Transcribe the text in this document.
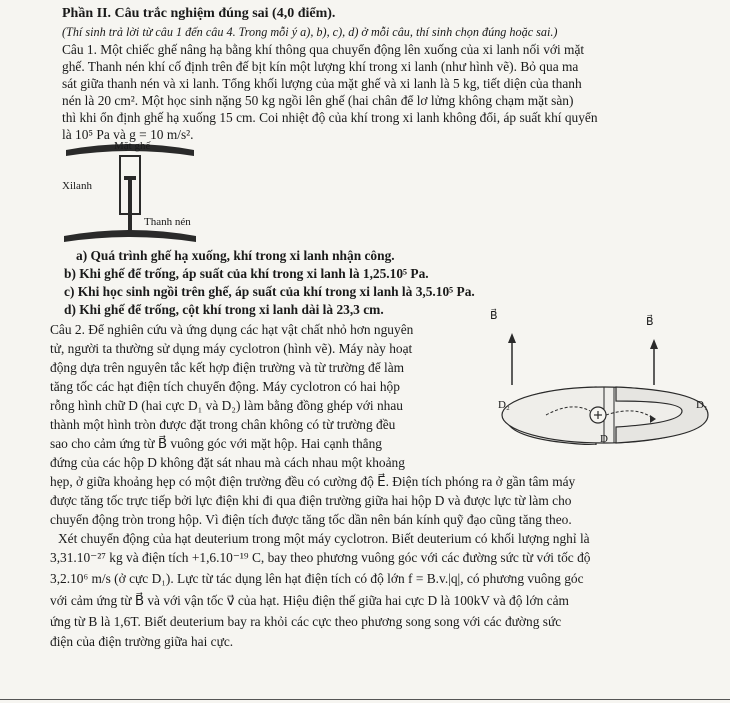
Phần II. Câu trắc nghiệm đúng sai (4,0 điểm).
(Thí sinh trả lời từ câu 1 đến câu 4. Trong mỗi ý a), b), c), d) ở mỗi câu, thí sinh chọn đúng hoặc sai.)
Câu 1. Một chiếc ghế nâng hạ bằng khí thông qua chuyển động lên xuống của xi lanh nối với mặt
ghế. Thanh nén khí cố định trên đế bịt kín một lượng khí trong xi lanh (như hình vẽ). Bỏ qua ma
sát giữa thanh nén và xi lanh. Tổng khối lượng của mặt ghế và xi lanh là 5 kg, tiết diện của thanh
nén là 20 cm². Một học sinh nặng 50 kg ngồi lên ghế (hai chân để lơ lửng không chạm mặt sàn)
thì khi ổn định ghế hạ xuống 15 cm. Coi nhiệt độ của khí trong xi lanh không đổi, áp suất khí quyển
là 10⁵ Pa và g = 10 m/s².
Mặt ghế
Xilanh
Thanh nén
a) Quá trình ghế hạ xuống, khí trong xi lanh nhận công.
b) Khi ghế để trống, áp suất của khí trong xi lanh là 1,25.10⁵ Pa.
c) Khi học sinh ngồi trên ghế, áp suất của khí trong xi lanh là 3,5.10⁵ Pa.
d) Khi ghế để trống, cột khí trong xi lanh dài là 23,3 cm.
Câu 2. Để nghiên cứu và ứng dụng các hạt vật chất nhỏ hơn nguyên
tử, người ta thường sử dụng máy cyclotron (hình vẽ). Máy này hoạt
động dựa trên nguyên tắc kết hợp điện trường và từ trường để làm
tăng tốc các hạt điện tích chuyển động. Máy cyclotron có hai hộp
rỗng hình chữ D (hai cực D₁ và D₂) làm bằng đồng ghép với nhau
thành một hình tròn được đặt trong chân không có từ trường đều
sao cho cảm ứng từ B⃗ vuông góc với mặt hộp. Hai cạnh thẳng
đứng của các hộp D không đặt sát nhau mà cách nhau một khoảng
B⃗	B⃗
D₂	D₁
D
hẹp, ở giữa khoảng hẹp có một điện trường đều có cường độ E⃗. Điện tích phóng ra ở gần tâm máy
được tăng tốc trực tiếp bởi lực điện khi đi qua điện trường giữa hai hộp D và được lực từ làm cho
chuyển động tròn trong hộp. Vì điện tích được tăng tốc dần nên bán kính quỹ đạo cũng tăng theo.
Xét chuyển động của hạt deuterium trong một máy cyclotron. Biết deuterium có khối lượng nghỉ là
3,31.10⁻²⁷ kg và điện tích +1,6.10⁻¹⁹ C, bay theo phương vuông góc với các đường sức từ với tốc độ
3,2.10⁶ m/s (ở cực D₁). Lực từ tác dụng lên hạt điện tích có độ lớn f = B.v.|q|, có phương vuông góc
với cảm ứng từ B⃗ và với vận tốc v⃗ của hạt. Hiệu điện thế giữa hai cực D là 100kV và độ lớn cảm
ứng từ B là 1,6T. Biết deuterium bay ra khỏi các cực theo phương song song với các đường sức
điện của điện trường giữa hai cực.
